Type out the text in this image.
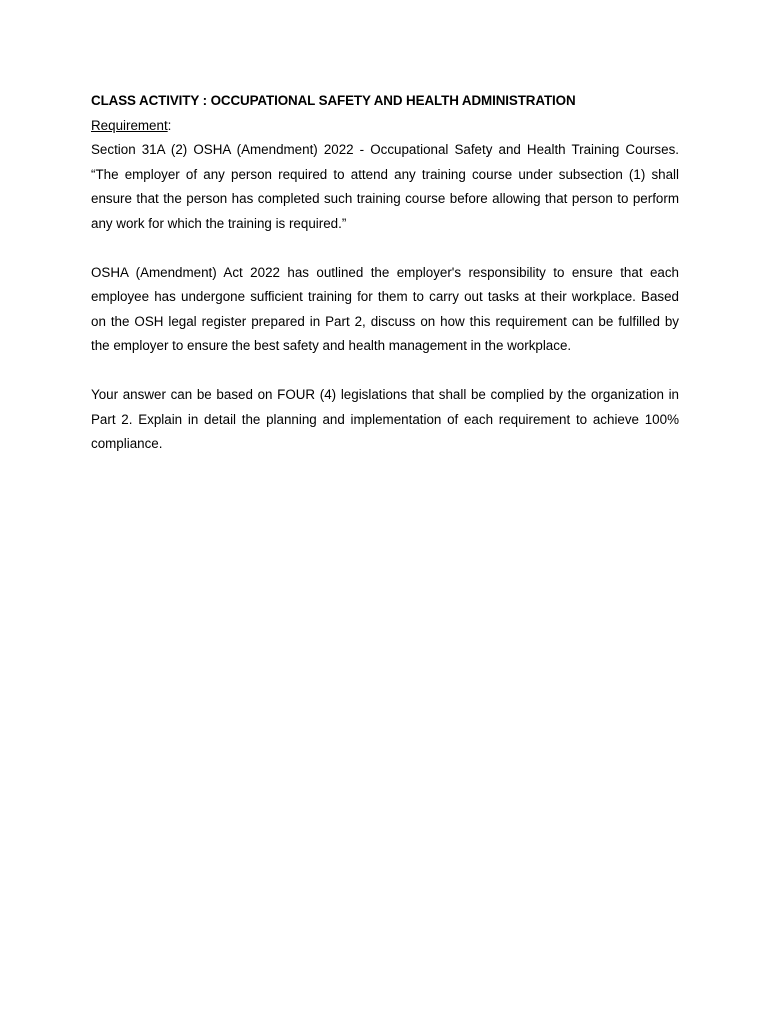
CLASS ACTIVITY : OCCUPATIONAL SAFETY AND HEALTH ADMINISTRATION

Requirement:

Section 31A (2) OSHA (Amendment) 2022 - Occupational Safety and Health Training Courses.
“The employer of any person required to attend any training course under subsection (1) shall
ensure that the person has completed such training course before allowing that person to perform
any work for which the training is required.”
OSHA (Amendment) Act 2022 has outlined the employer's responsibility to ensure that each
employee has undergone sufficient training for them to carry out tasks at their workplace. Based
on the OSH legal register prepared in Part 2, discuss on how this requirement can be fulfilled by
the employer to ensure the best safety and health management in the workplace.
Your answer can be based on FOUR (4) legislations that shall be complied by the organization in
Part 2. Explain in detail the planning and implementation of each requirement to achieve 100%
compliance.
